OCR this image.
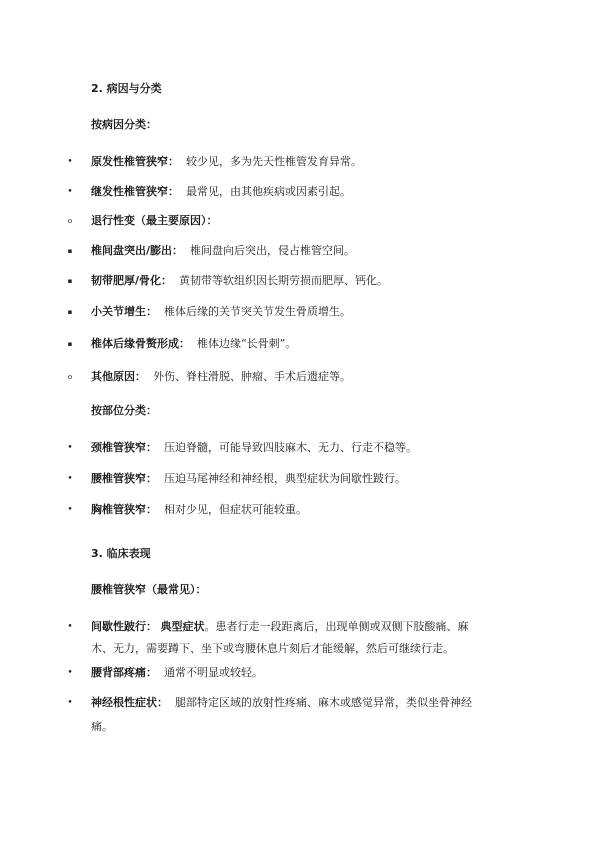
2. 病因与分类
按病因分类：
•	原发性椎管狭窄： 较少见，多为先天性椎管发育异常。
•	继发性椎管狭窄： 最常见，由其他疾病或因素引起。
o	退行性变（最主要原因）：
▪	椎间盘突出/膨出： 椎间盘向后突出，侵占椎管空间。
▪	韧带肥厚/骨化： 黄韧带等软组织因长期劳损而肥厚、钙化。
▪	小关节增生： 椎体后缘的关节突关节发生骨质增生。
▪	椎体后缘骨赘形成： 椎体边缘“长骨刺”。
o	其他原因： 外伤、脊柱滑脱、肿瘤、手术后遗症等。
按部位分类：
•	颈椎管狭窄： 压迫脊髓，可能导致四肢麻木、无力、行走不稳等。
•	腰椎管狭窄： 压迫马尾神经和神经根，典型症状为间歇性跛行。
•	胸椎管狭窄： 相对少见，但症状可能较重。
3. 临床表现
腰椎管狭窄（最常见）：
•	间歇性跛行： 典型症状。患者行走一段距离后，出现单侧或双侧下肢酸痛、麻
木、无力，需要蹲下、坐下或弯腰休息片刻后才能缓解，然后可继续行走。
•	腰背部疼痛： 通常不明显或较轻。
•	神经根性症状： 腿部特定区域的放射性疼痛、麻木或感觉异常，类似坐骨神经
痛。
